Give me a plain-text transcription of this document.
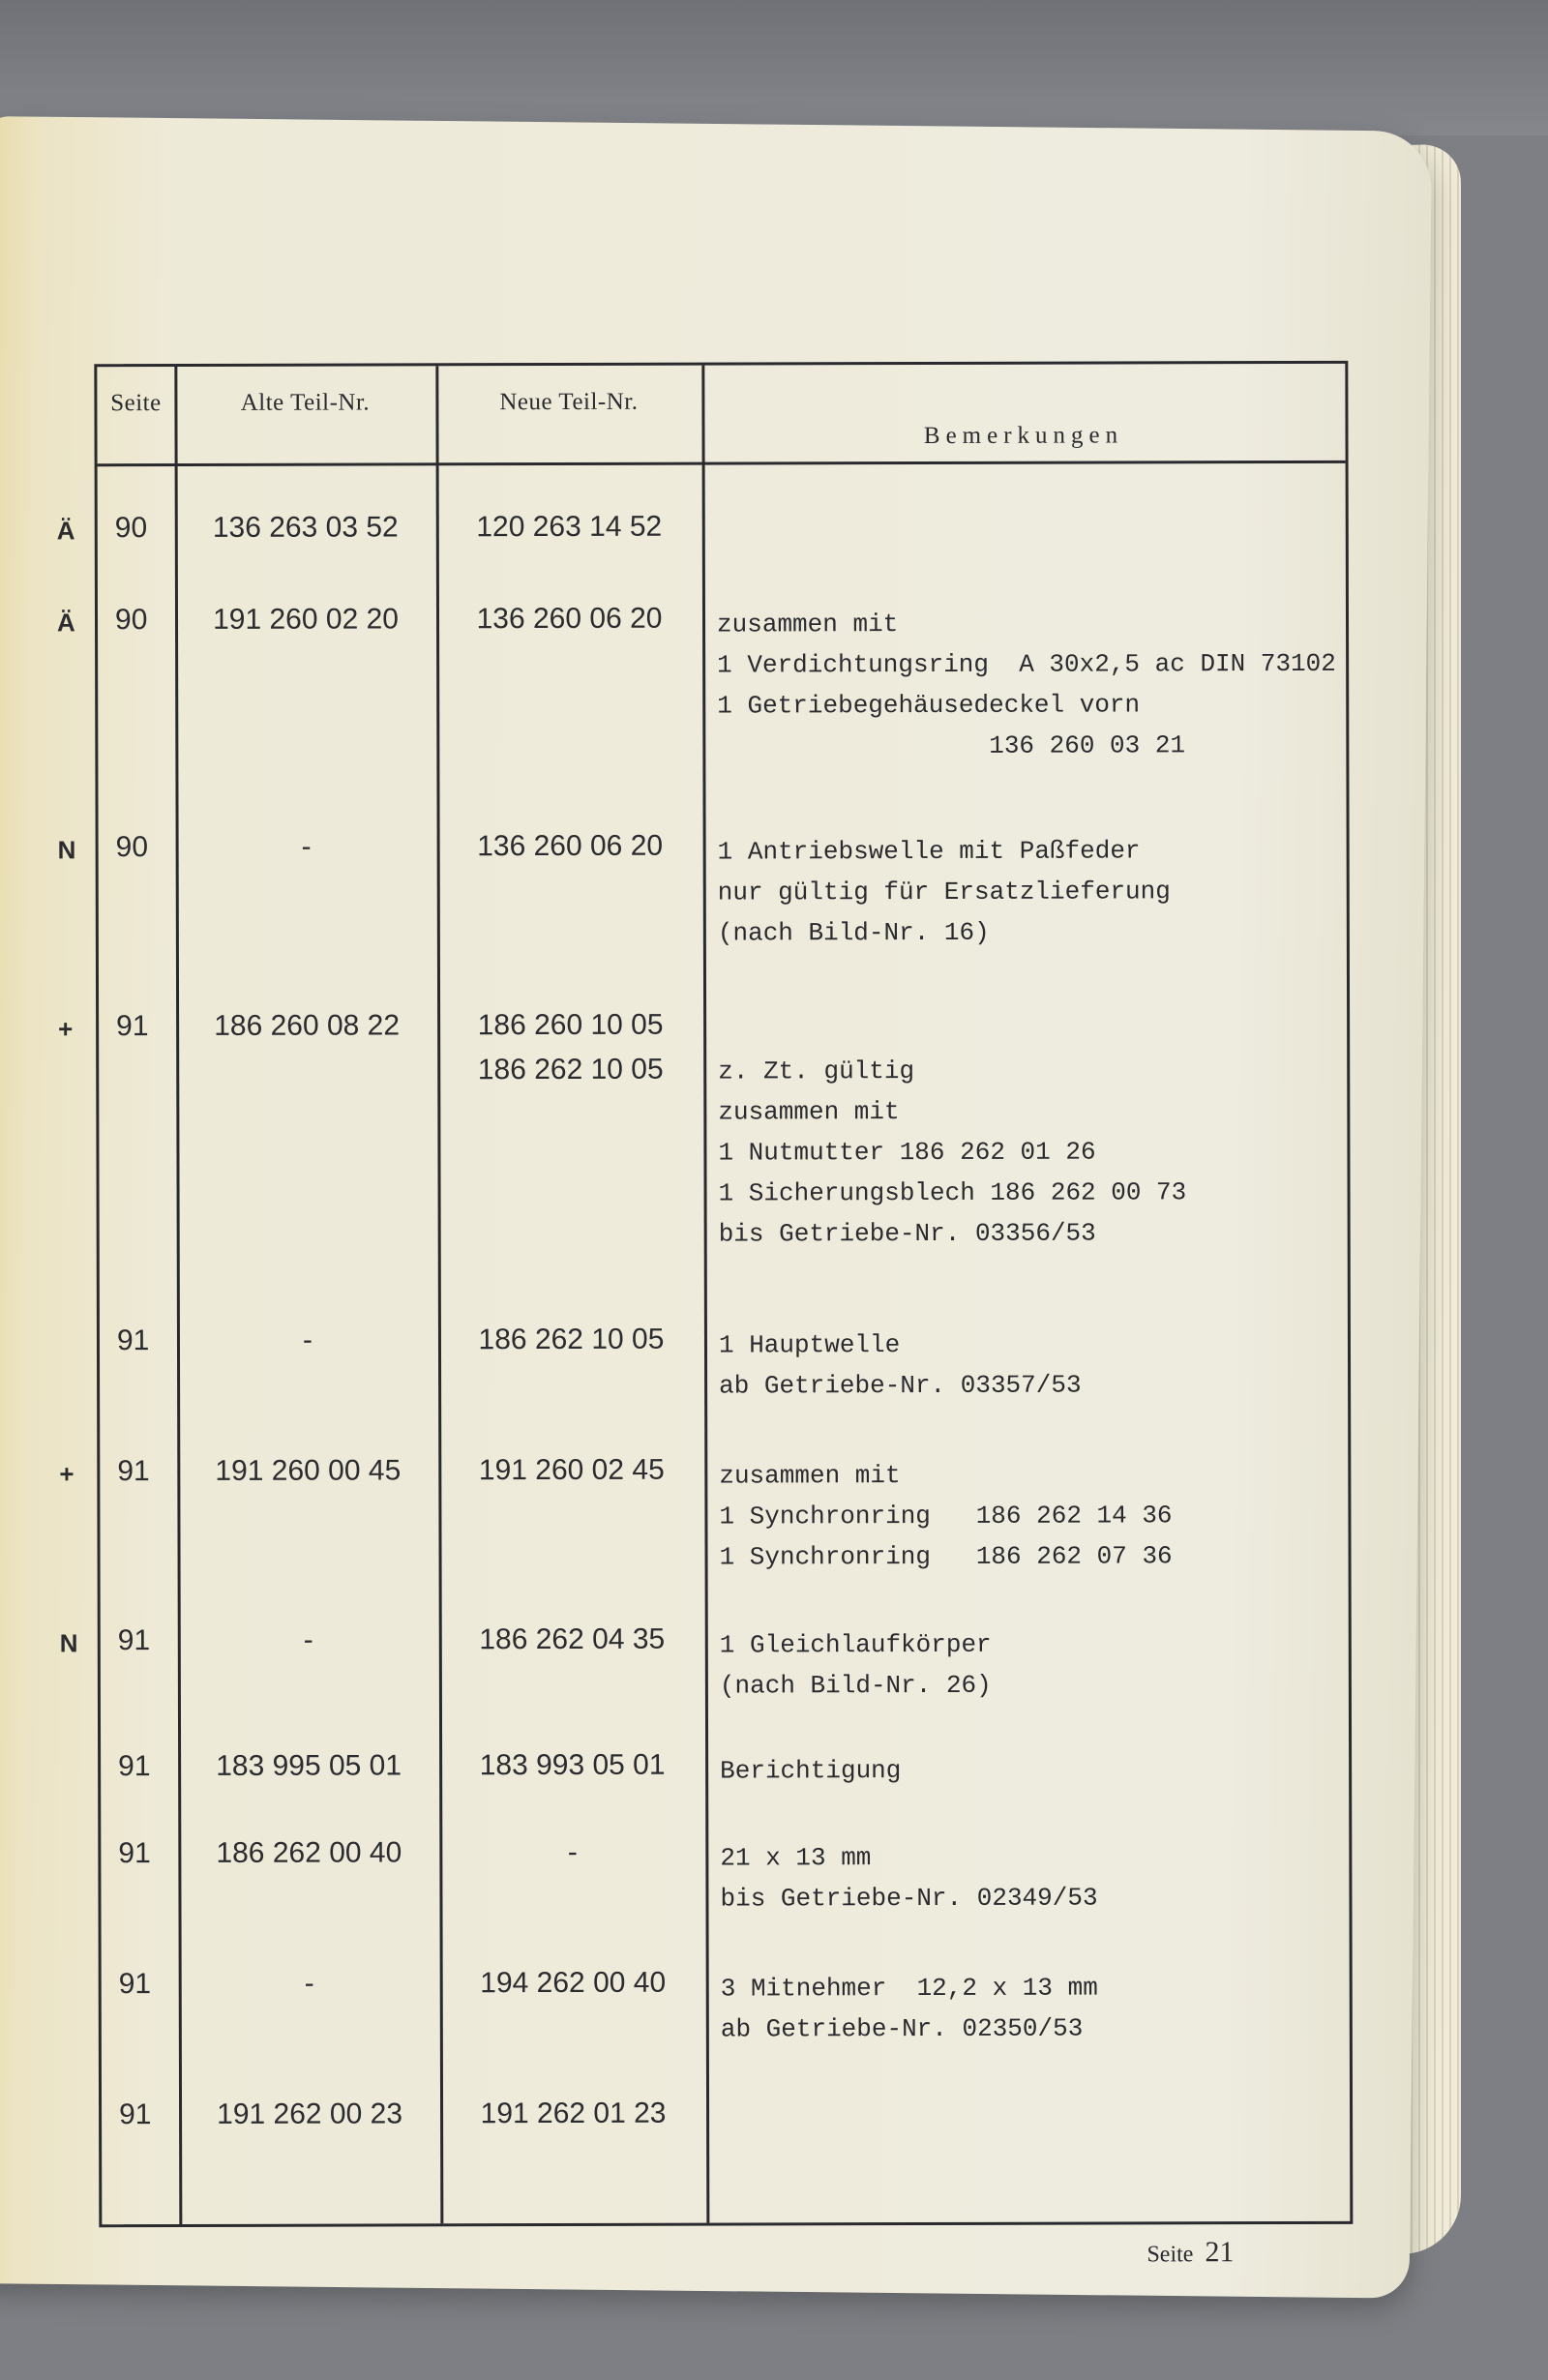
Seite	Alte Teil-Nr.	Neue Teil-Nr.
Bemerkungen
Ä 90	136 263 03 52	120 263 14 52
Ä 90	191 260 02 20	136 260 06 20	zusammen mit
1 Verdichtungsring  A 30x2,5 ac DIN 73102
1 Getriebegehäusedeckel vorn
136 260 03 21
N 90	-	136 260 06 20	1 Antriebswelle mit Paßfeder
nur gültig für Ersatzlieferung
(nach Bild-Nr. 16)
+ 91	186 260 08 22	186 260 10 05
186 262 10 05
	z. Zt. gültig
zusammen mit
1 Nutmutter 186 262 01 26
1 Sicherungsblech 186 262 00 73
bis Getriebe-Nr. 03356/53
91	-	186 262 10 05	1 Hauptwelle
ab Getriebe-Nr. 03357/53
+ 91	191 260 00 45	191 260 02 45	zusammen mit
1 Synchronring   186 262 14 36
1 Synchronring   186 262 07 36
N 91	-	186 262 04 35	1 Gleichlaufkörper
(nach Bild-Nr. 26)
91	183 995 05 01	183 993 05 01	Berichtigung
91	186 262 00 40	-	21 x 13 mm
bis Getriebe-Nr. 02349/53
91	-	194 262 00 40	3 Mitnehmer  12,2 x 13 mm
ab Getriebe-Nr. 02350/53
91	191 262 00 23	191 262 01 23
Seite 21
